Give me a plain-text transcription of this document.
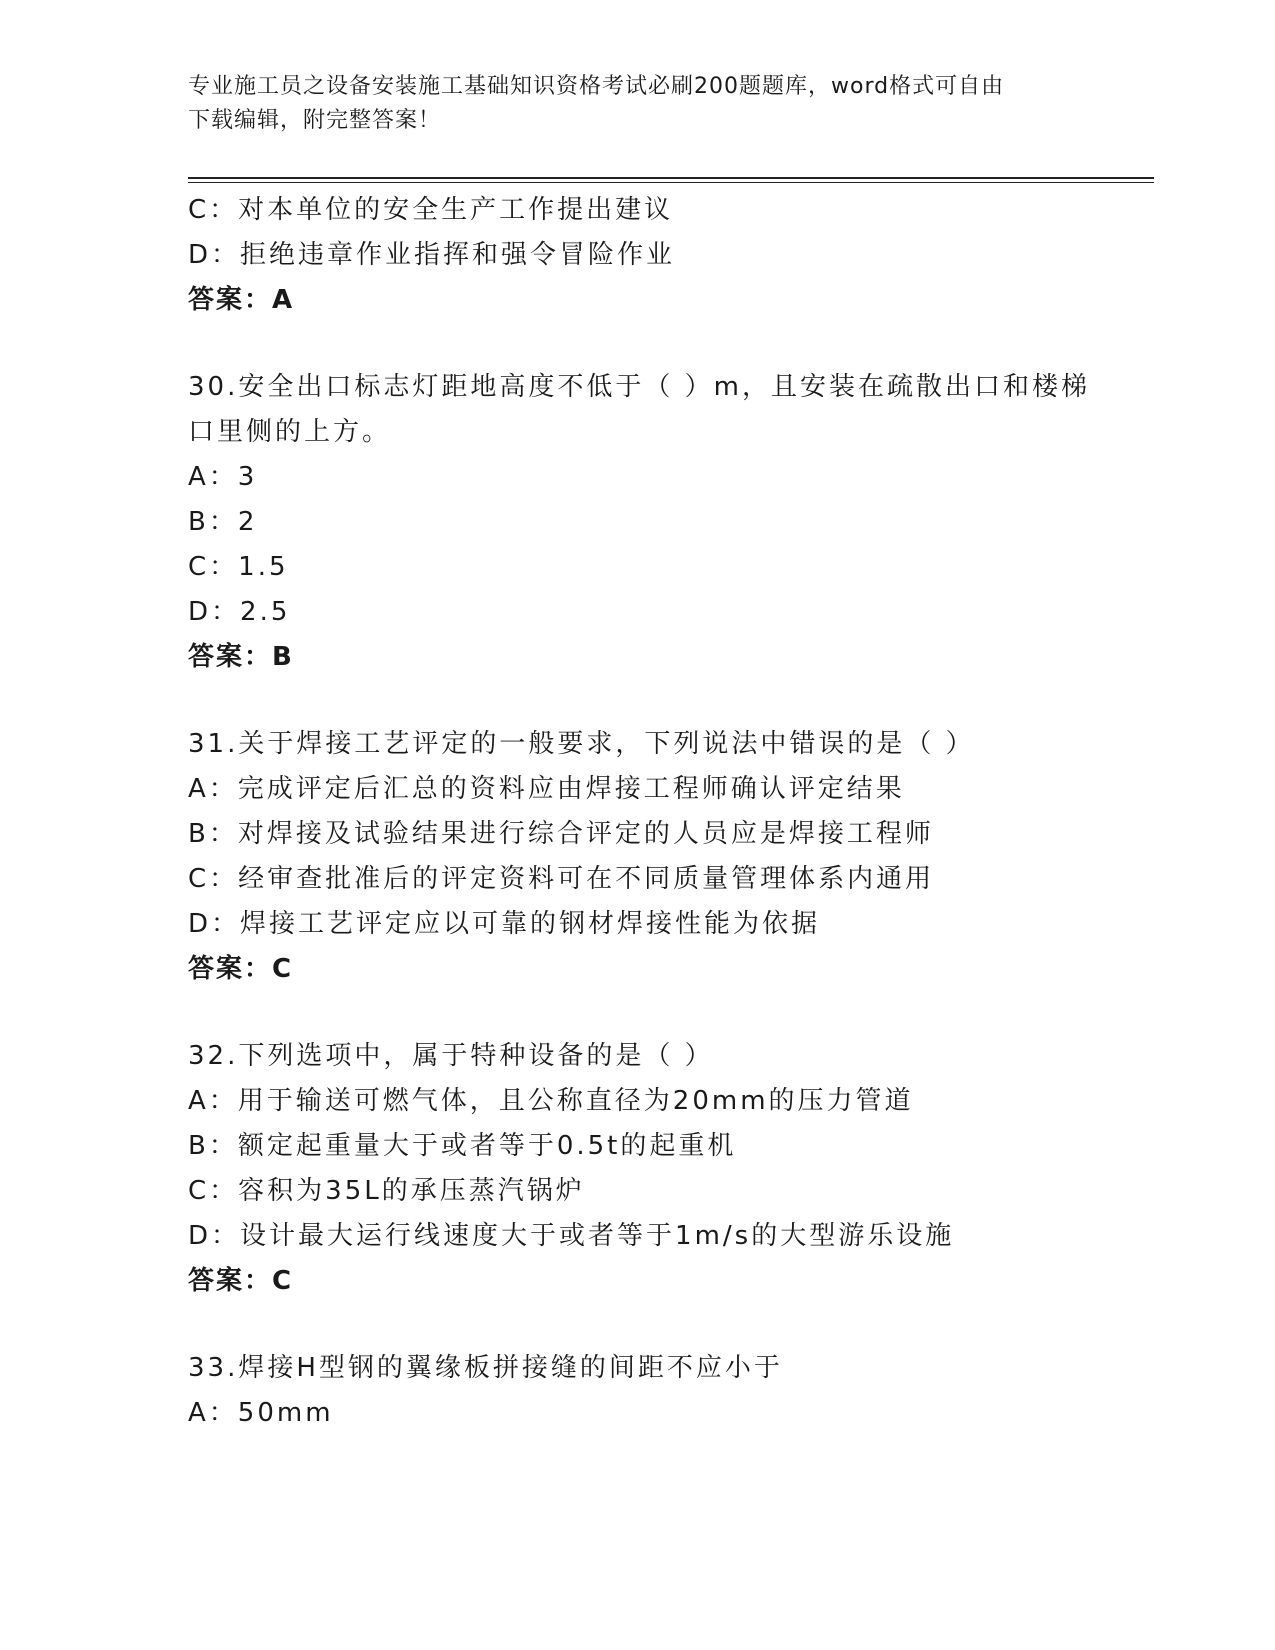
专业施工员之设备安装施工基础知识资格考试必刷200题题库，word格式可自由
下载编辑，附完整答案！
C：对本单位的安全生产工作提出建议
D：拒绝违章作业指挥和强令冒险作业
答案：A
30.安全出口标志灯距地高度不低于（ ）m，且安装在疏散出口和楼梯
口里侧的上方。
A：3
B：2
C：1.5
D：2.5
答案：B
31.关于焊接工艺评定的一般要求，下列说法中错误的是（ ）
A：完成评定后汇总的资料应由焊接工程师确认评定结果
B：对焊接及试验结果进行综合评定的人员应是焊接工程师
C：经审查批准后的评定资料可在不同质量管理体系内通用
D：焊接工艺评定应以可靠的钢材焊接性能为依据
答案：C
32.下列选项中，属于特种设备的是（ ）
A：用于输送可燃气体，且公称直径为20mm的压力管道
B：额定起重量大于或者等于0.5t的起重机
C：容积为35L的承压蒸汽锅炉
D：设计最大运行线速度大于或者等于1m/s的大型游乐设施
答案：C
33.焊接H型钢的翼缘板拼接缝的间距不应小于
A：50mm
